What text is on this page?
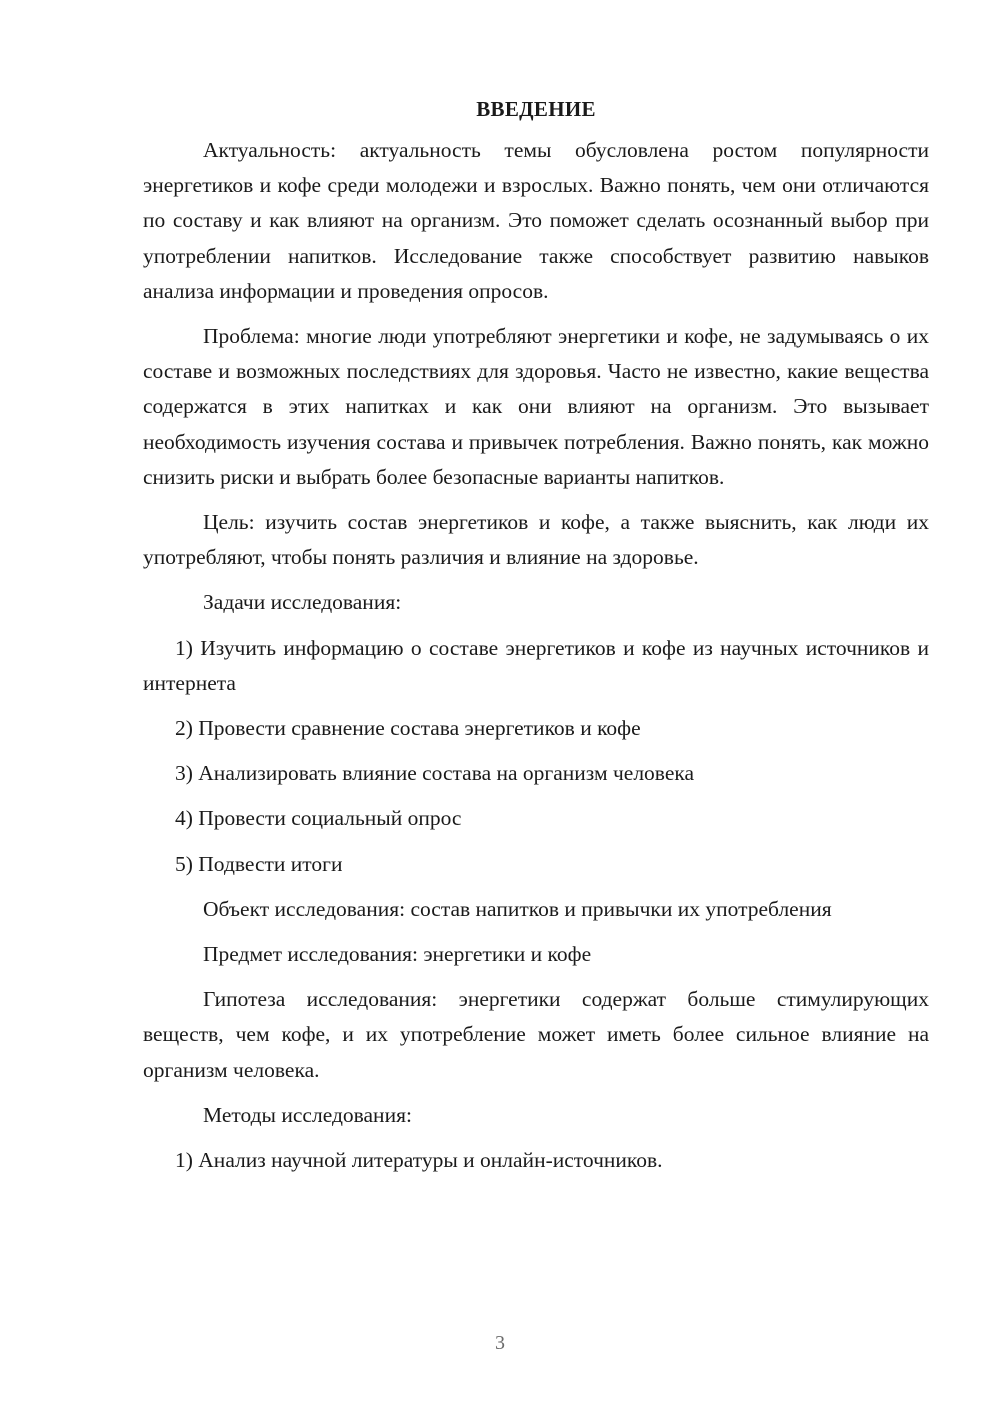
ВВЕДЕНИЕ

Актуальность: актуальность темы обусловлена ростом популярности энергетиков и кофе среди молодежи и взрослых. Важно понять, чем они отличаются по составу и как влияют на организм. Это поможет сделать осознанный выбор при употреблении напитков. Исследование также способствует развитию навыков анализа информации и проведения опросов.

Проблема: многие люди употребляют энергетики и кофе, не задумываясь о их составе и возможных последствиях для здоровья. Часто не известно, какие вещества содержатся в этих напитках и как они влияют на организм. Это вызывает необходимость изучения состава и привычек потребления. Важно понять, как можно снизить риски и выбрать более безопасные варианты напитков.

Цель: изучить состав энергетиков и кофе, а также выяснить, как люди их употребляют, чтобы понять различия и влияние на здоровье.

Задачи исследования:

1) Изучить информацию о составе энергетиков и кофе из научных источников и интернета

2) Провести сравнение состава энергетиков и кофе

3) Анализировать влияние состава на организм человека

4) Провести социальный опрос

5) Подвести итоги

Объект исследования: состав напитков и привычки их употребления

Предмет исследования: энергетики и кофе

Гипотеза исследования: энергетики содержат больше стимулирующих веществ, чем кофе, и их употребление может иметь более сильное влияние на организм человека.

Методы исследования:

1) Анализ научной литературы и онлайн-источников.

3
